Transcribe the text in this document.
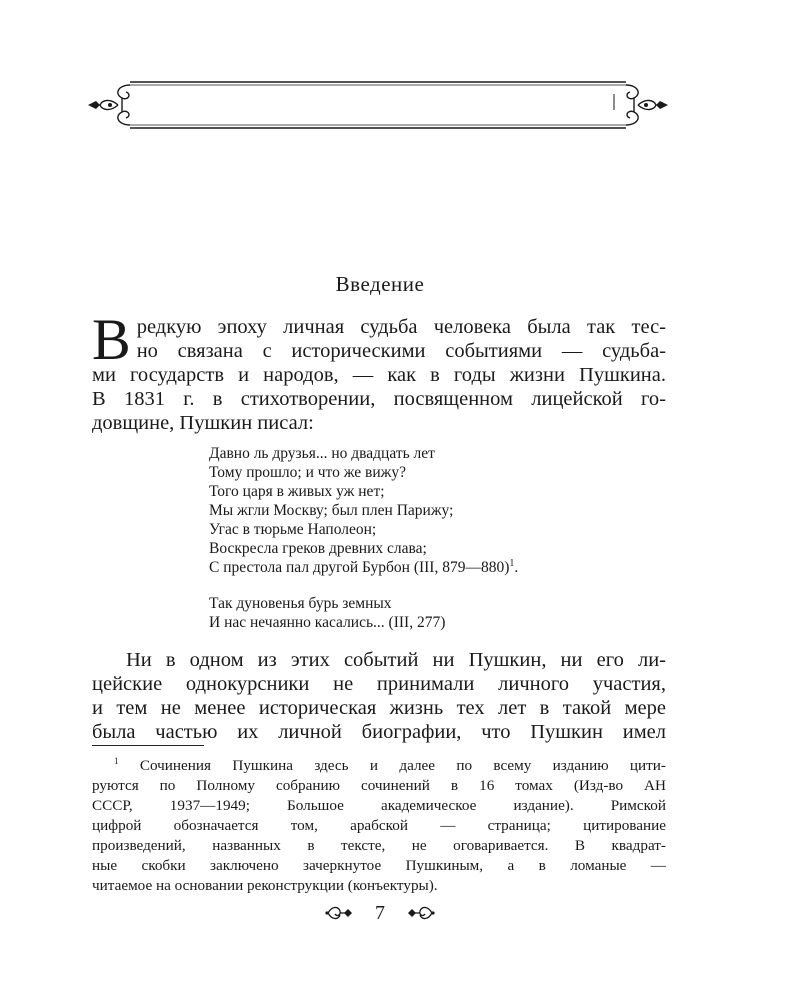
Введение
В редкую эпоху личная судьба человека была так тес-
но связана с историческими событиями — судьба-
ми государств и народов, — как в годы жизни Пушкина.
В 1831 г. в стихотворении, посвященном лицейской го-
довщине, Пушкин писал:
Давно ль друзья... но двадцать лет
Тому прошло; и что же вижу?
Того царя в живых уж нет;
Мы жгли Москву; был плен Парижу;
Угас в тюрьме Наполеон;
Воскресла греков древних слава;
С престола пал другой Бурбон (III, 879—880)$^1$.
Так дуновенья бурь земных
И нас нечаянно касались... (III, 277)
Ни в одном из этих событий ни Пушкин, ни его ли-
цейские однокурсники не принимали личного участия,
и тем не менее историческая жизнь тех лет в такой мере
была частью их личной биографии, что Пушкин имел
$^1$ Сочинения Пушкина здесь и далее по всему изданию цити-
руются по Полному собранию сочинений в 16 томах (Изд-во АН
СССР, 1937—1949; Большое академическое издание). Римской
цифрой обозначается том, арабской — страница; цитирование
произведений, названных в тексте, не оговаривается. В квадрат-
ные скобки заключено зачеркнутое Пушкиным, а в ломаные —
читаемое на основании реконструкции (конъектуры).
7
